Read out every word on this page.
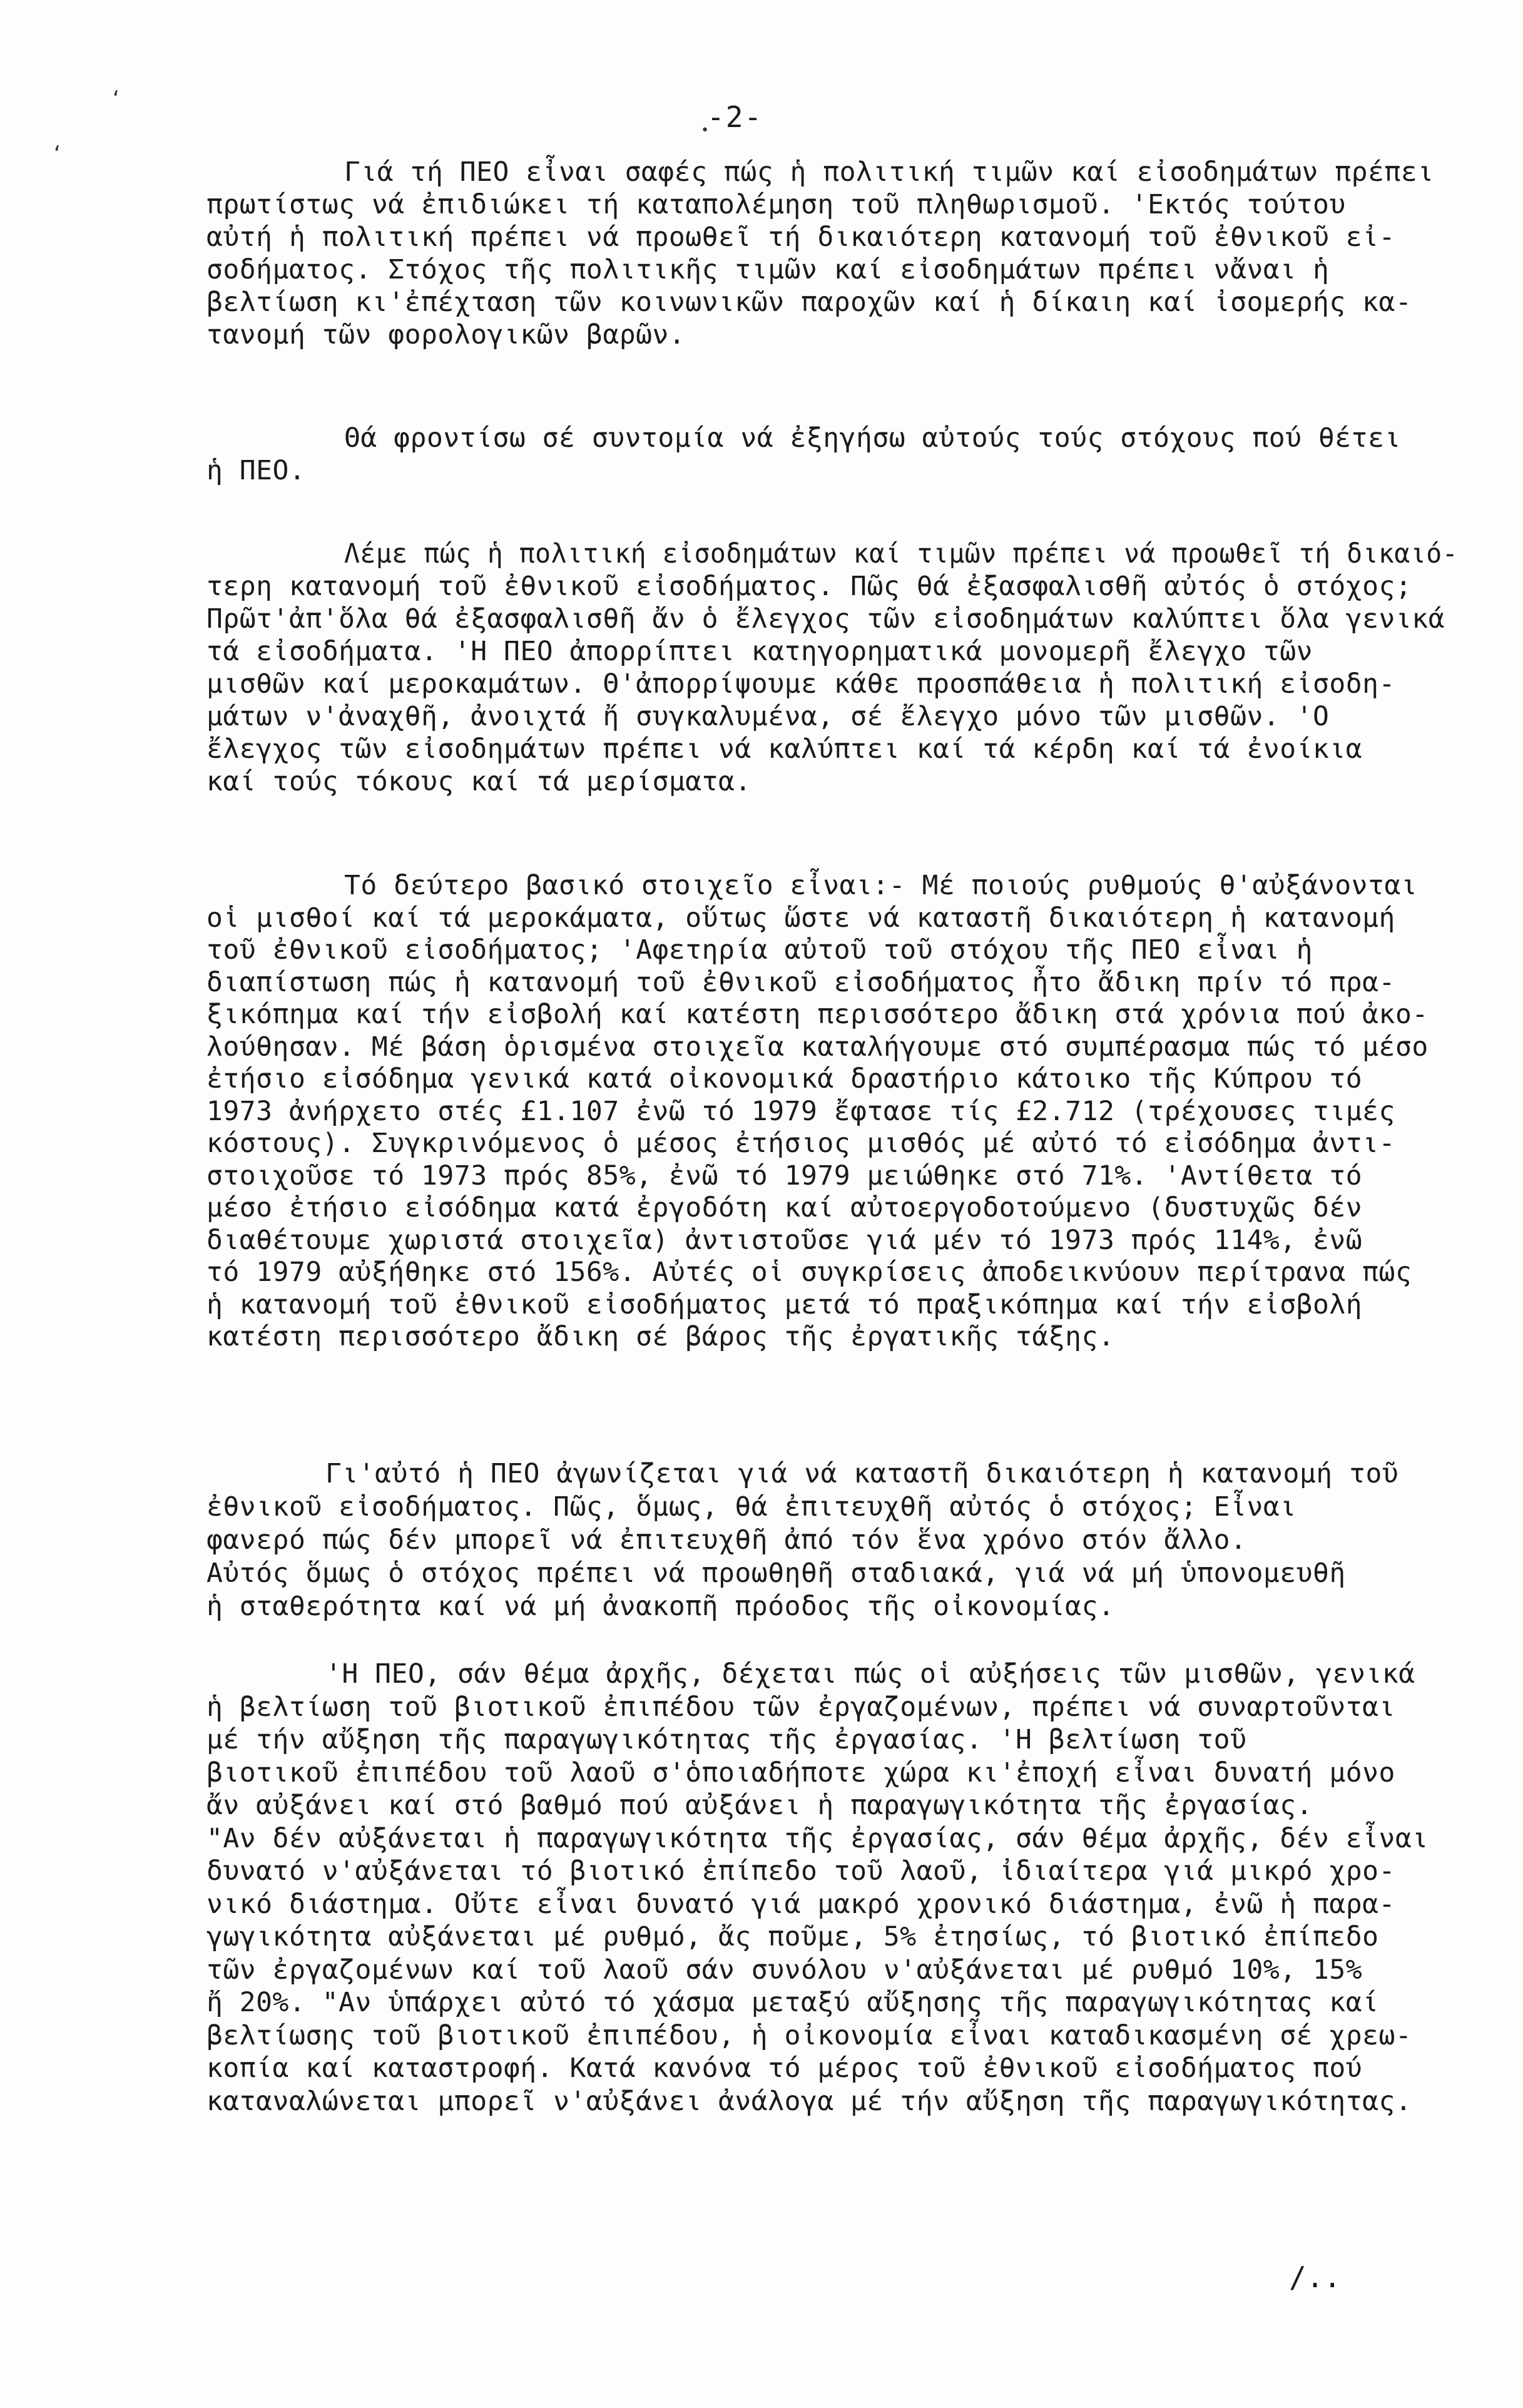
‘
‘
-2-
•
Γιά τή ΠΕΟ εἶναι σαφές πώς ἡ πολιτική τιμῶν καί εἰσοδημάτων πρέπει
πρωτίστως νά ἐπιδιώκει τή καταπολέμηση τοῦ πληθωρισμοῦ. 'Εκτός τούτου
αὐτή ἡ πολιτική πρέπει νά προωθεῖ τή δικαιότερη κατανομή τοῦ ἐθνικοῦ εἰ-
σοδήματος. Στόχος τῆς πολιτικῆς τιμῶν καί εἰσοδημάτων πρέπει νἄναι ἡ
βελτίωση κι'ἐπέχταση τῶν κοινωνικῶν παροχῶν καί ἡ δίκαιη καί ἰσομερής κα-
τανομή τῶν φορολογικῶν βαρῶν.
Θά φροντίσω σέ συντομία νά ἐξηγήσω αὐτούς τούς στόχους πού θέτει
ἡ ΠΕΟ.
Λέμε πώς ἡ πολιτική εἰσοδημάτων καί τιμῶν πρέπει νά προωθεῖ τή δικαιό-
τερη κατανομή τοῦ ἐθνικοῦ εἰσοδήματος. Πῶς θά ἐξασφαλισθῆ αὐτός ὁ στόχος;
Πρῶτ'ἀπ'ὅλα θά ἐξασφαλισθῆ ἄν ὁ ἔλεγχος τῶν εἰσοδημάτων καλύπτει ὅλα γενικά
τά εἰσοδήματα. 'Η ΠΕΟ ἀπορρίπτει κατηγορηματικά μονομερῆ ἔλεγχο τῶν
μισθῶν καί μεροκαμάτων. Θ'ἀπορρίψουμε κάθε προσπάθεια ἡ πολιτική εἰσοδη-
μάτων ν'ἀναχθῆ, ἀνοιχτά ἤ συγκαλυμένα, σέ ἔλεγχο μόνο τῶν μισθῶν. 'Ο
ἔλεγχος τῶν εἰσοδημάτων πρέπει νά καλύπτει καί τά κέρδη καί τά ἐνοίκια
καί τούς τόκους καί τά μερίσματα.
Τό δεύτερο βασικό στοιχεῖο εἶναι:- Μέ ποιούς ρυθμούς θ'αὐξάνονται
οἱ μισθοί καί τά μεροκάματα, οὕτως ὥστε νά καταστῆ δικαιότερη ἡ κατανομή
τοῦ ἐθνικοῦ εἰσοδήματος; 'Αφετηρία αὐτοῦ τοῦ στόχου τῆς ΠΕΟ εἶναι ἡ
διαπίστωση πώς ἡ κατανομή τοῦ ἐθνικοῦ εἰσοδήματος ἦτο ἄδικη πρίν τό πρα-
ξικόπημα καί τήν εἰσβολή καί κατέστη περισσότερο ἄδικη στά χρόνια πού ἀκο-
λούθησαν. Μέ βάση ὁρισμένα στοιχεῖα καταλήγουμε στό συμπέρασμα πώς τό μέσο
ἐτήσιο εἰσόδημα γενικά κατά οἰκονομικά δραστήριο κάτοικο τῆς Κύπρου τό
1973 ἀνήρχετο στές £1.107 ἐνῶ τό 1979 ἔφτασε τίς £2.712 (τρέχουσες τιμές
κόστους). Συγκρινόμενος ὁ μέσος ἐτήσιος μισθός μέ αὐτό τό εἰσόδημα ἀντι-
στοιχοῦσε τό 1973 πρός 85%, ἐνῶ τό 1979 μειώθηκε στό 71%. 'Αντίθετα τό
μέσο ἐτήσιο εἰσόδημα κατά ἐργοδότη καί αὐτοεργοδοτούμενο (δυστυχῶς δέν
διαθέτουμε χωριστά στοιχεῖα) ἀντιστοῦσε γιά μέν τό 1973 πρός 114%, ἐνῶ
τό 1979 αὐξήθηκε στό 156%. Αὐτές οἱ συγκρίσεις ἀποδεικνύουν περίτρανα πώς
ἡ κατανομή τοῦ ἐθνικοῦ εἰσοδήματος μετά τό πραξικόπημα καί τήν εἰσβολή
κατέστη περισσότερο ἄδικη σέ βάρος τῆς ἐργατικῆς τάξης.
Γι'αὐτό ἡ ΠΕΟ ἀγωνίζεται γιά νά καταστῆ δικαιότερη ἡ κατανομή τοῦ
ἐθνικοῦ εἰσοδήματος. Πῶς, ὅμως, θά ἐπιτευχθῆ αὐτός ὁ στόχος; Εἶναι
φανερό πώς δέν μπορεῖ νά ἐπιτευχθῆ ἀπό τόν ἕνα χρόνο στόν ἄλλο.
Αὐτός ὅμως ὁ στόχος πρέπει νά προωθηθῆ σταδιακά, γιά νά μή ὑπονομευθῆ
ἡ σταθερότητα καί νά μή ἀνακοπῆ πρόοδος τῆς οἰκονομίας.
'Η ΠΕΟ, σάν θέμα ἀρχῆς, δέχεται πώς οἱ αὐξήσεις τῶν μισθῶν, γενικά
ἡ βελτίωση τοῦ βιοτικοῦ ἐπιπέδου τῶν ἐργαζομένων, πρέπει νά συναρτοῦνται
μέ τήν αὔξηση τῆς παραγωγικότητας τῆς ἐργασίας. 'Η βελτίωση τοῦ
βιοτικοῦ ἐπιπέδου τοῦ λαοῦ σ'ὁποιαδήποτε χώρα κι'ἐποχή εἶναι δυνατή μόνο
ἄν αὐξάνει καί στό βαθμό πού αὐξάνει ἡ παραγωγικότητα τῆς ἐργασίας.
"Αν δέν αὐξάνεται ἡ παραγωγικότητα τῆς ἐργασίας, σάν θέμα ἀρχῆς, δέν εἶναι
δυνατό ν'αὐξάνεται τό βιοτικό ἐπίπεδο τοῦ λαοῦ, ἰδιαίτερα γιά μικρό χρο-
νικό διάστημα. Οὔτε εἶναι δυνατό γιά μακρό χρονικό διάστημα, ἐνῶ ἡ παρα-
γωγικότητα αὐξάνεται μέ ρυθμό, ἄς ποῦμε, 5% ἐτησίως, τό βιοτικό ἐπίπεδο
τῶν ἐργαζομένων καί τοῦ λαοῦ σάν συνόλου ν'αὐξάνεται μέ ρυθμό 10%, 15%
ἤ 20%. "Αν ὑπάρχει αὐτό τό χάσμα μεταξύ αὔξησης τῆς παραγωγικότητας καί
βελτίωσης τοῦ βιοτικοῦ ἐπιπέδου, ἡ οἰκονομία εἶναι καταδικασμένη σέ χρεω-
κοπία καί καταστροφή. Κατά κανόνα τό μέρος τοῦ ἐθνικοῦ εἰσοδήματος πού
καταναλώνεται μπορεῖ ν'αὐξάνει ἀνάλογα μέ τήν αὔξηση τῆς παραγωγικότητας.
/..
